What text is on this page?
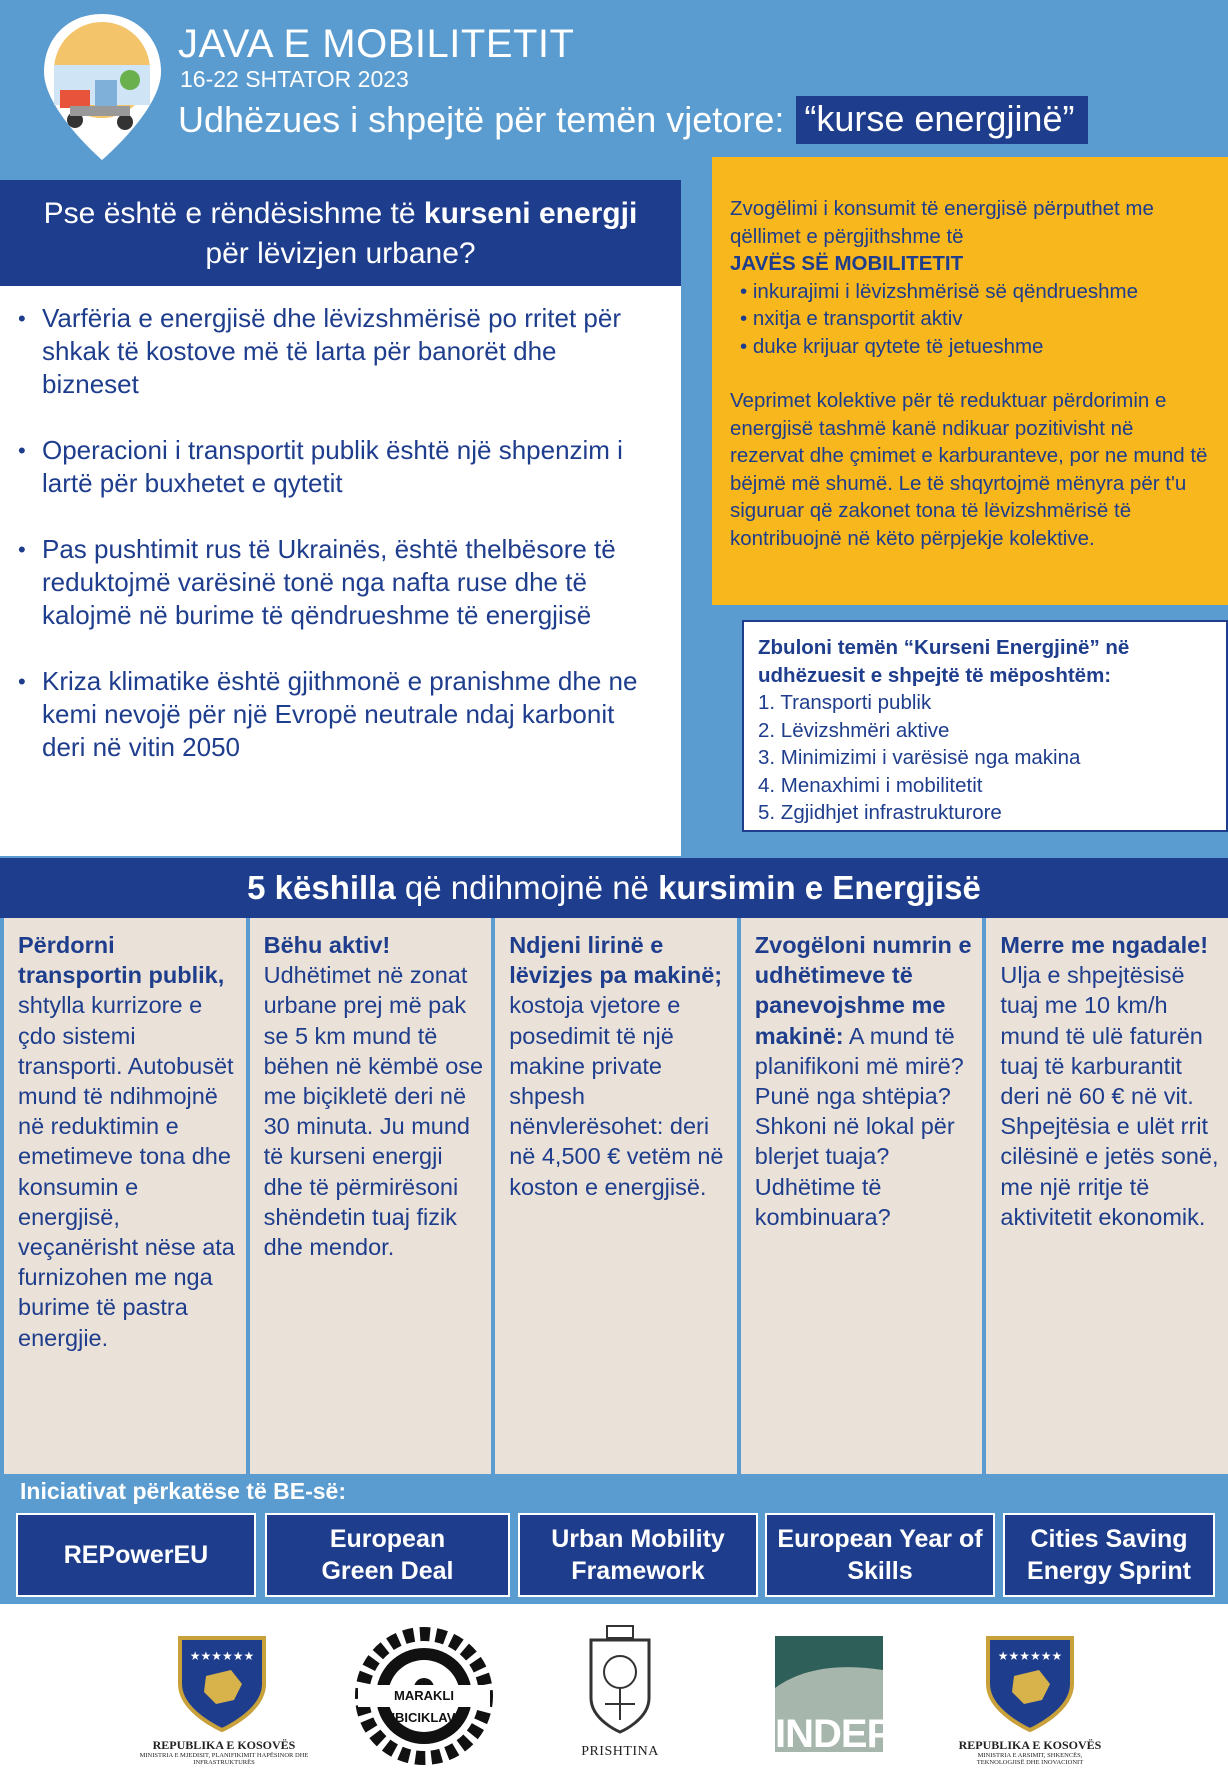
JAVA E MOBILITETIT
16-22 SHTATOR 2023
Udhëzues i shpejtë për temën vjetore: “kurse energjinë”
Pse është e rëndësishme të kurseni energji
për lëvizjen urbane?
• Varfëria e energjisë dhe lëvizshmërisë po rritet për shkak të kostove më të larta për banorët dhe bizneset
• Operacioni i transportit publik është një shpenzim i lartë për buxhetet e qytetit
• Pas pushtimit rus të Ukrainës, është thelbësore të reduktojmë varësinë tonë nga nafta ruse dhe të kalojmë në burime të qëndrueshme të energjisë
• Kriza klimatike është gjithmonë e pranishme dhe ne kemi nevojë për një Evropë neutrale ndaj karbonit deri në vitin 2050
Zvogëlimi i konsumit të energjisë përputhet me qëllimet e përgjithshme të
JAVËS SË MOBILITETIT
• inkurajimi i lëvizshmërisë së qëndrueshme
• nxitja e transportit aktiv
• duke krijuar qytete të jetueshme
Veprimet kolektive për të reduktuar përdorimin e energjisë tashmë kanë ndikuar pozitivisht në rezervat dhe çmimet e karburanteve, por ne mund të bëjmë më shumë. Le të shqyrtojmë mënyra për t'u siguruar që zakonet tona të lëvizshmërisë të kontribuojnë në këto përpjekje kolektive.
Zbuloni temën “Kurseni Energjinë” në udhëzuesit e shpejtë të mëposhtëm:
1. Transporti publik
2. Lëvizshmëri aktive
3. Minimizimi i varësisë nga makina
4. Menaxhimi i mobilitetit
5. Zgjidhjet infrastrukturore
5 këshilla që ndihmojnë në kursimin e Energjisë
Përdorni transportin publik, shtylla kurrizore e çdo sistemi transporti. Autobusët mund të ndihmojnë në reduktimin e emetimeve tona dhe konsumin e energjisë, veçanërisht nëse ata furnizohen me nga burime të pastra energjie.
Bëhu aktiv! Udhëtimet në zonat urbane prej më pak se 5 km mund të bëhen në këmbë ose me biçikletë deri në 30 minuta. Ju mund të kurseni energji dhe të përmirësoni shëndetin tuaj fizik dhe mendor.
Ndjeni lirinë e lëvizjes pa makinë; kostoja vjetore e posedimit të një makine private shpesh nënvlerësohet: deri në 4,500 € vetëm në koston e energjisë.
Zvogëloni numrin e udhëtimeve të panevojshme me makinë: A mund të planifikoni më mirë? Punë nga shtëpia? Shkoni në lokal për blerjet tuaja? Udhëtime të kombinuara?
Merre me ngadale! Ulja e shpejtësisë tuaj me 10 km/h mund të ulë faturën tuaj të karburantit deri në 60 € në vit. Shpejtësia e ulët rrit cilësinë e jetës sonë, me një rritje të aktivitetit ekonomik.
Iniciativat përkatëse të BE-së:
REPowerEU
European Green Deal
Urban Mobility Framework
European Year of Skills
Cities Saving Energy Sprint
★★★★★★
REPUBLIKA E KOSOVËS
MINISTRIA E MJEDISIT, PLANIFIKIMIT HAPËSINOR DHE INFRASTRUKTURËS
MARAKLI T'BICIKLAVE
PRISHTINA	INDEP
★★★★★★
REPUBLIKA E KOSOVËS
MINISTRIA E ARSIMIT, SHKENCËS, TEKNOLOGJISË DHE INOVACIONIT
